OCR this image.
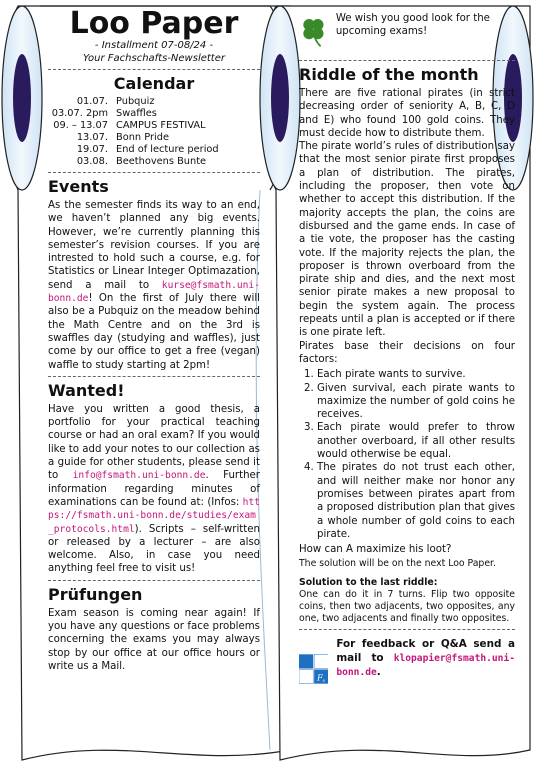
Loo Paper
- Installment 07-08/24 -
Your Fachschafts-Newsletter
Calendar
01.07.	Pubquiz
03.07. 2pm	Swaffles
09. – 13.07	CAMPUS FESTIVAL
13.07.	Bonn Pride
19.07.	End of lecture period
03.08.	Beethovens Bunte
Events

As the semester finds its way to an end, we haven’t planned any big events. However, we’re currently planning this semester’s revision courses. If you are intrested to hold such a course, e.g. for Statistics or Linear Integer Optimazation, send a mail to kurse@fsmath.uni-bonn.de! On the first of July there will also be a Pubquiz on the meadow behind the Math Centre and on the 3rd is swaffles day (studying and waffles), just come by our office to get a free (vegan) waffle to study starting at 2pm!

Wanted!

Have you written a good thesis, a portfolio for your practical teaching course or had an oral exam? If you would like to add your notes to our collection as a guide for other students, please send it to info@fsmath.uni-bonn.de. Further information regarding minutes of examinations can be found at: (Infos: https://fsmath.uni-bonn.de/studies/exam_protocols.html). Scripts – self-written or released by a lecturer – are also welcome. Also, in case you need anything feel free to visit us!

Prüfungen

Exam season is coming near again! If you have any questions or face problems concerning the exams you may always stop by our office at our office hours or write us a Mail.

We wish you good look for the upcoming exams!
Riddle of the month

There are five rational pirates (in strict decreasing order of seniority A, B, C, D and E) who found 100 gold coins. They must decide how to distribute them.

The pirate world’s rules of distribution say that the most senior pirate first proposes a plan of distribution. The pirates, including the proposer, then vote on whether to accept this distribution. If the majority accepts the plan, the coins are disbursed and the game ends. In case of a tie vote, the proposer has the casting vote. If the majority rejects the plan, the proposer is thrown overboard from the pirate ship and dies, and the next most senior pirate makes a new proposal to begin the system again. The process repeats until a plan is accepted or if there is one pirate left.

Pirates base their decisions on four factors:

1. Each pirate wants to survive.
2. Given survival, each pirate wants to maximize the number of gold coins he receives.
3. Each pirate would prefer to throw another overboard, if all other results would otherwise be equal.
4. The pirates do not trust each other, and will neither make nor honor any promises between pirates apart from a proposed distribution plan that gives a whole number of gold coins to each pirate.

How can A maximize his loot?

The solution will be on the next Loo Paper.

Solution to the last riddle:

One can do it in 7 turns. Flip two opposite coins, then two adjacents, two opposites, any one, two adjacents and finally two opposites.

F s
For feedback or Q&A send a mail to klopapier@fsmath.uni-bonn.de.
